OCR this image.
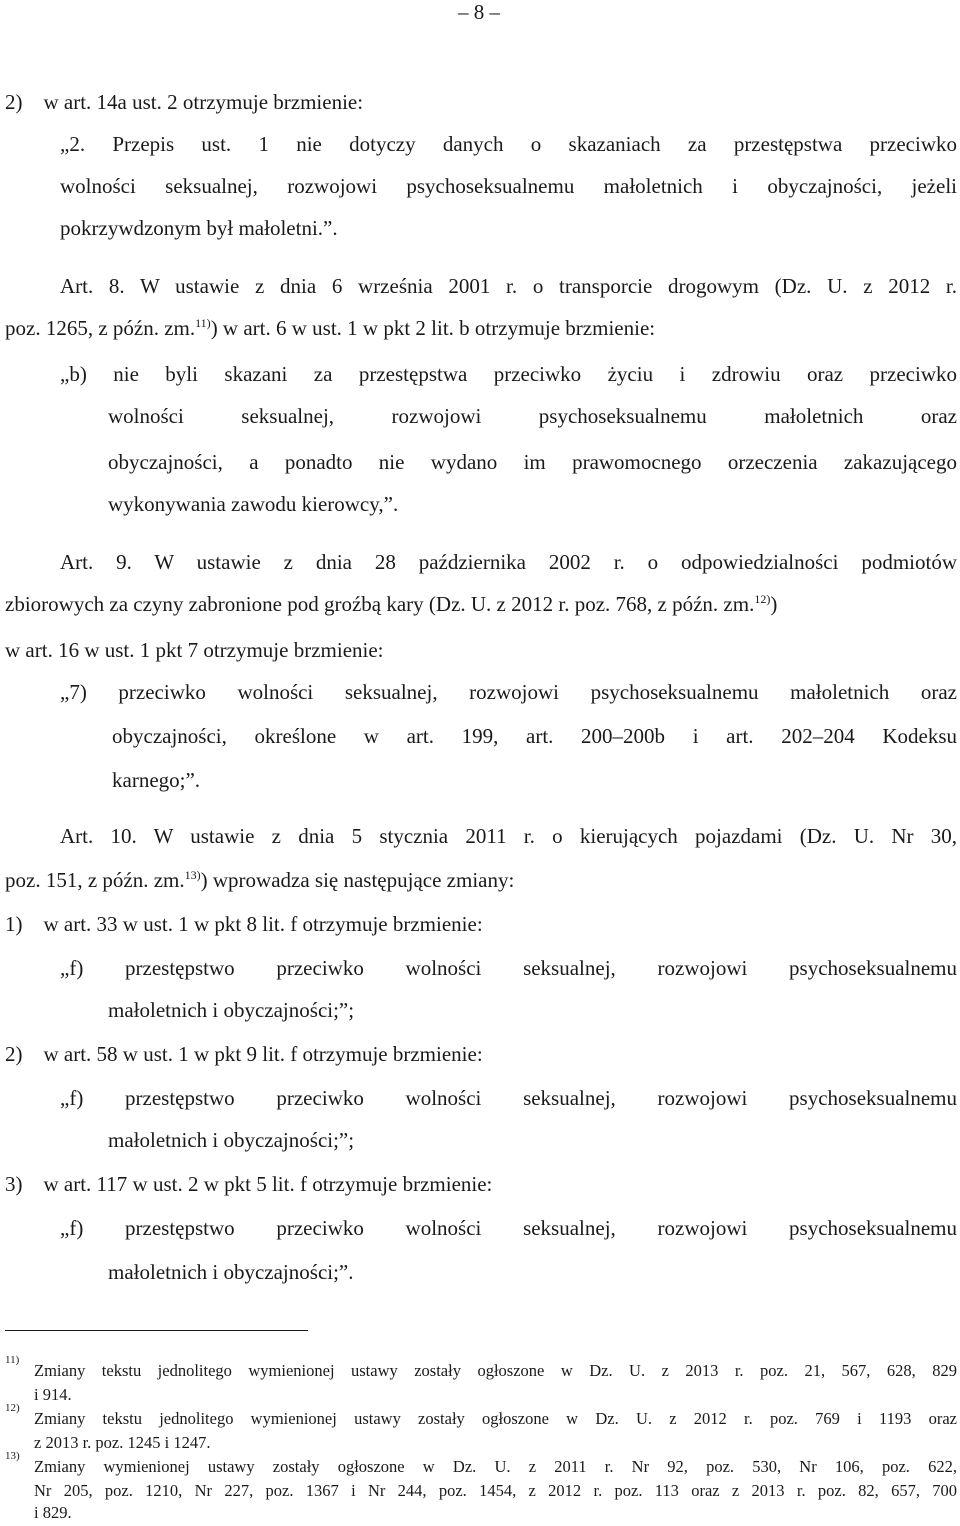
– 8 –
2)    w art. 14a ust. 2 otrzymuje brzmienie:
„2. Przepis ust. 1 nie dotyczy danych o skazaniach za przestępstwa przeciwko
wolności seksualnej, rozwojowi psychoseksualnemu małoletnich i obyczajności, jeżeli
pokrzywdzonym był małoletni.”.
Art. 8. W ustawie z dnia 6 września 2001 r. o transporcie drogowym (Dz. U. z 2012 r.
poz. 1265, z późn. zm.$^{11)}$) w art. 6 w ust. 1 w pkt 2 lit. b otrzymuje brzmienie:
„b) nie byli skazani za przestępstwa przeciwko życiu i zdrowiu oraz przeciwko
wolności seksualnej, rozwojowi psychoseksualnemu małoletnich oraz
obyczajności, a ponadto nie wydano im prawomocnego orzeczenia zakazującego
wykonywania zawodu kierowcy,”.
Art. 9. W ustawie z dnia 28 października 2002 r. o odpowiedzialności podmiotów
zbiorowych za czyny zabronione pod groźbą kary (Dz. U. z 2012 r. poz. 768, z późn. zm.$^{12)}$)
w art. 16 w ust. 1 pkt 7 otrzymuje brzmienie:
„7) przeciwko wolności seksualnej, rozwojowi psychoseksualnemu małoletnich oraz
obyczajności, określone w art. 199, art. 200–200b i art. 202–204 Kodeksu
karnego;”.
Art. 10. W ustawie z dnia 5 stycznia 2011 r. o kierujących pojazdami (Dz. U. Nr 30,
poz. 151, z późn. zm.$^{13)}$) wprowadza się następujące zmiany:
1)    w art. 33 w ust. 1 w pkt 8 lit. f otrzymuje brzmienie:
„f) przestępstwo przeciwko wolności seksualnej, rozwojowi psychoseksualnemu
małoletnich i obyczajności;”;
2)    w art. 58 w ust. 1 w pkt 9 lit. f otrzymuje brzmienie:
„f) przestępstwo przeciwko wolności seksualnej, rozwojowi psychoseksualnemu
małoletnich i obyczajności;”;
3)    w art. 117 w ust. 2 w pkt 5 lit. f otrzymuje brzmienie:
„f) przestępstwo przeciwko wolności seksualnej, rozwojowi psychoseksualnemu
małoletnich i obyczajności;”.
11)
Zmiany tekstu jednolitego wymienionej ustawy zostały ogłoszone w Dz. U. z 2013 r. poz. 21, 567, 628, 829
i 914.
12)
Zmiany tekstu jednolitego wymienionej ustawy zostały ogłoszone w Dz. U. z 2012 r. poz. 769 i 1193 oraz
z 2013 r. poz. 1245 i 1247.
13)
Zmiany wymienionej ustawy zostały ogłoszone w Dz. U. z 2011 r. Nr 92, poz. 530, Nr 106, poz. 622,
Nr 205, poz. 1210, Nr 227, poz. 1367 i Nr 244, poz. 1454, z 2012 r. poz. 113 oraz z 2013 r. poz. 82, 657, 700
i 829.
